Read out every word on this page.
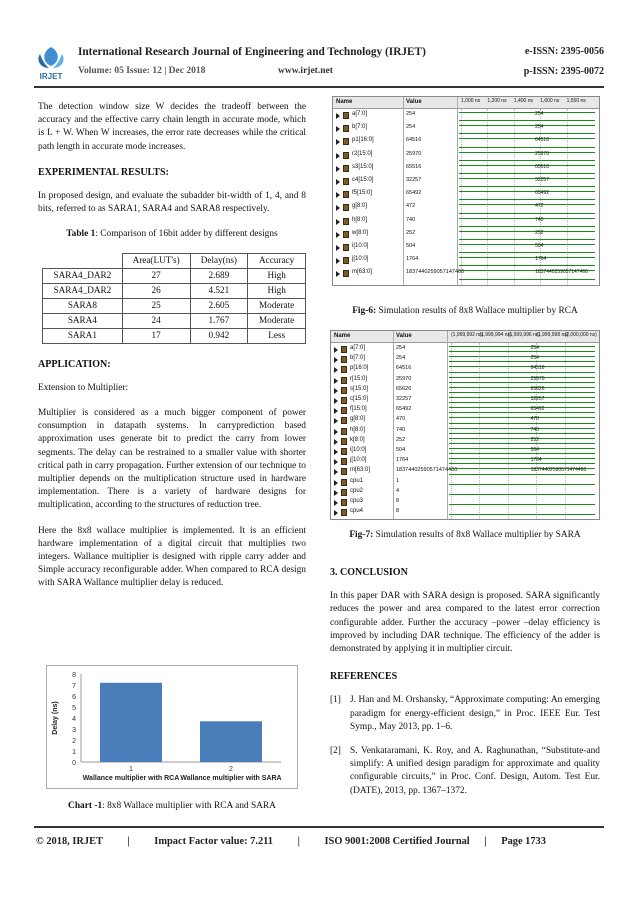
IRJET
International Research Journal of Engineering and Technology (IRJET)
Volume: 05 Issue: 12 | Dec 2018	www.irjet.net
e-ISSN: 2395-0056
p-ISSN: 2395-0072

The detection window size W decides the tradeoff between the accuracy and the effective carry chain length in accurate mode, which is L + W. When W increases, the error rate decreases while the critical path length in accurate mode increases.

EXPERIMENTAL RESULTS:

In proposed design, and evaluate the subadder bit-width of 1, 4, and 8 bits, referred to as SARA1, SARA4 and SARA8 respectively.

Table 1: Comparison of 16bit adder by different designs

	Area(LUT's)	Delay(ns)	Accuracy
SARA4_DAR2	27	2.689	High
SARA4_DAR2	26	4.521	High
SARA8	25	2.605	Moderate
SARA4	24	1.767	Moderate
SARA1	17	0.942	Less

APPLICATION:

Extension to Multiplier:

Multiplier is considered as a much bigger component of power consumption in datapath systems. In carryprediction based approximation uses generate bit to predict the carry from lower segments. The delay can be restrained to a smaller value with shorter critical path in carry propagation. Further extension of our technique to multiplier depends on the multiplication structure used in hardware implementation. There is a variety of hardware designs for multiplication, according to the structures of reduction tree.

Here the 8x8 wallace multiplier is implemented. It is an efficient hardware implementation of a digital circuit that multiplies two integers. Wallance multiplier is designed with ripple carry adder and Simple accuracy reconfigurable adder. When compared to RCA design with SARA Wallance multiplier delay is reduced.

0
1
2
3
4
5
6
7
8
1
Wallance multiplier with RCA
2
Wallance multiplier with SARA
Delay (ns)
Chart -1: 8x8 Wallace multiplier with RCA and SARA
Name	Value	1,000 ns 1,200 ns 1,400 ns 1,600 ns 1,550 ns
a[7:0]	254	254
b[7:0]	254	254
p1[16:0]	64516	64516
r2[15:0]	25970	25970
s3[15:0]	65516	65516
c4[15:0]	32257	32257
f5[15:0]	65492	65492
g[8:0]	472	472
h[8:0]	740	740
w[8:0]	252	252
i[10:0]	504	504
j[10:0]	1764	1764
m[63:0]	1837440259057147466	1837440259057147466
Fig-6: Simulation results of 8x8 Wallace multiplier by RCA
Name	Value	(1,999,992 ns)
(1,999,994 ns)
(1,999,996 ns)
(1,999,998 ns)
(2,000,000 ns)
a[7:0]	254	254
b[7:0]	254	254
p[16:0]	64516	64516
r[15:0]	25970	25970
s[15:0]	65626	65626
c[15:0]	32257	32257
f[15:0]	65492	65492
g[8:0]	470	470
h[8:0]	740	740
k[8:0]	252	252
i[10:0]	504	504
j[10:0]	1764	1764
m[63:0]	18374402590571474466	18374402590571474466
cpu1	1
cpu2	4
cpu3	8
cpu4	8
Fig-7: Simulation results of 8x8 Wallace multiplier by SARA

3. CONCLUSION

In this paper DAR with SARA design is proposed. SARA significantly reduces the power and area compared to the latest error correction configurable adder. Further the accuracy –power –delay efficiency is improved by including DAR technique. The efficiency of the adder is demonstrated by applying it in multiplier circuit.

REFERENCES

[1] J. Han and M. Orshansky, “Approximate computing: An emerging paradigm for energy-efficient design,” in Proc. IEEE Eur. Test Symp., May 2013, pp. 1–6.
[2] S. Venkataramani, K. Roy, and A. Raghunathan, “Substitute-and simplify: A unified design paradigm for approximate and quality configurable circuits,” in Proc. Conf. Design, Autom. Test Eur. (DATE), 2013, pp. 1367–1372.
© 2018, IRJET | Impact Factor value: 7.211 | ISO 9001:2008 Certified Journal | Page 1733
